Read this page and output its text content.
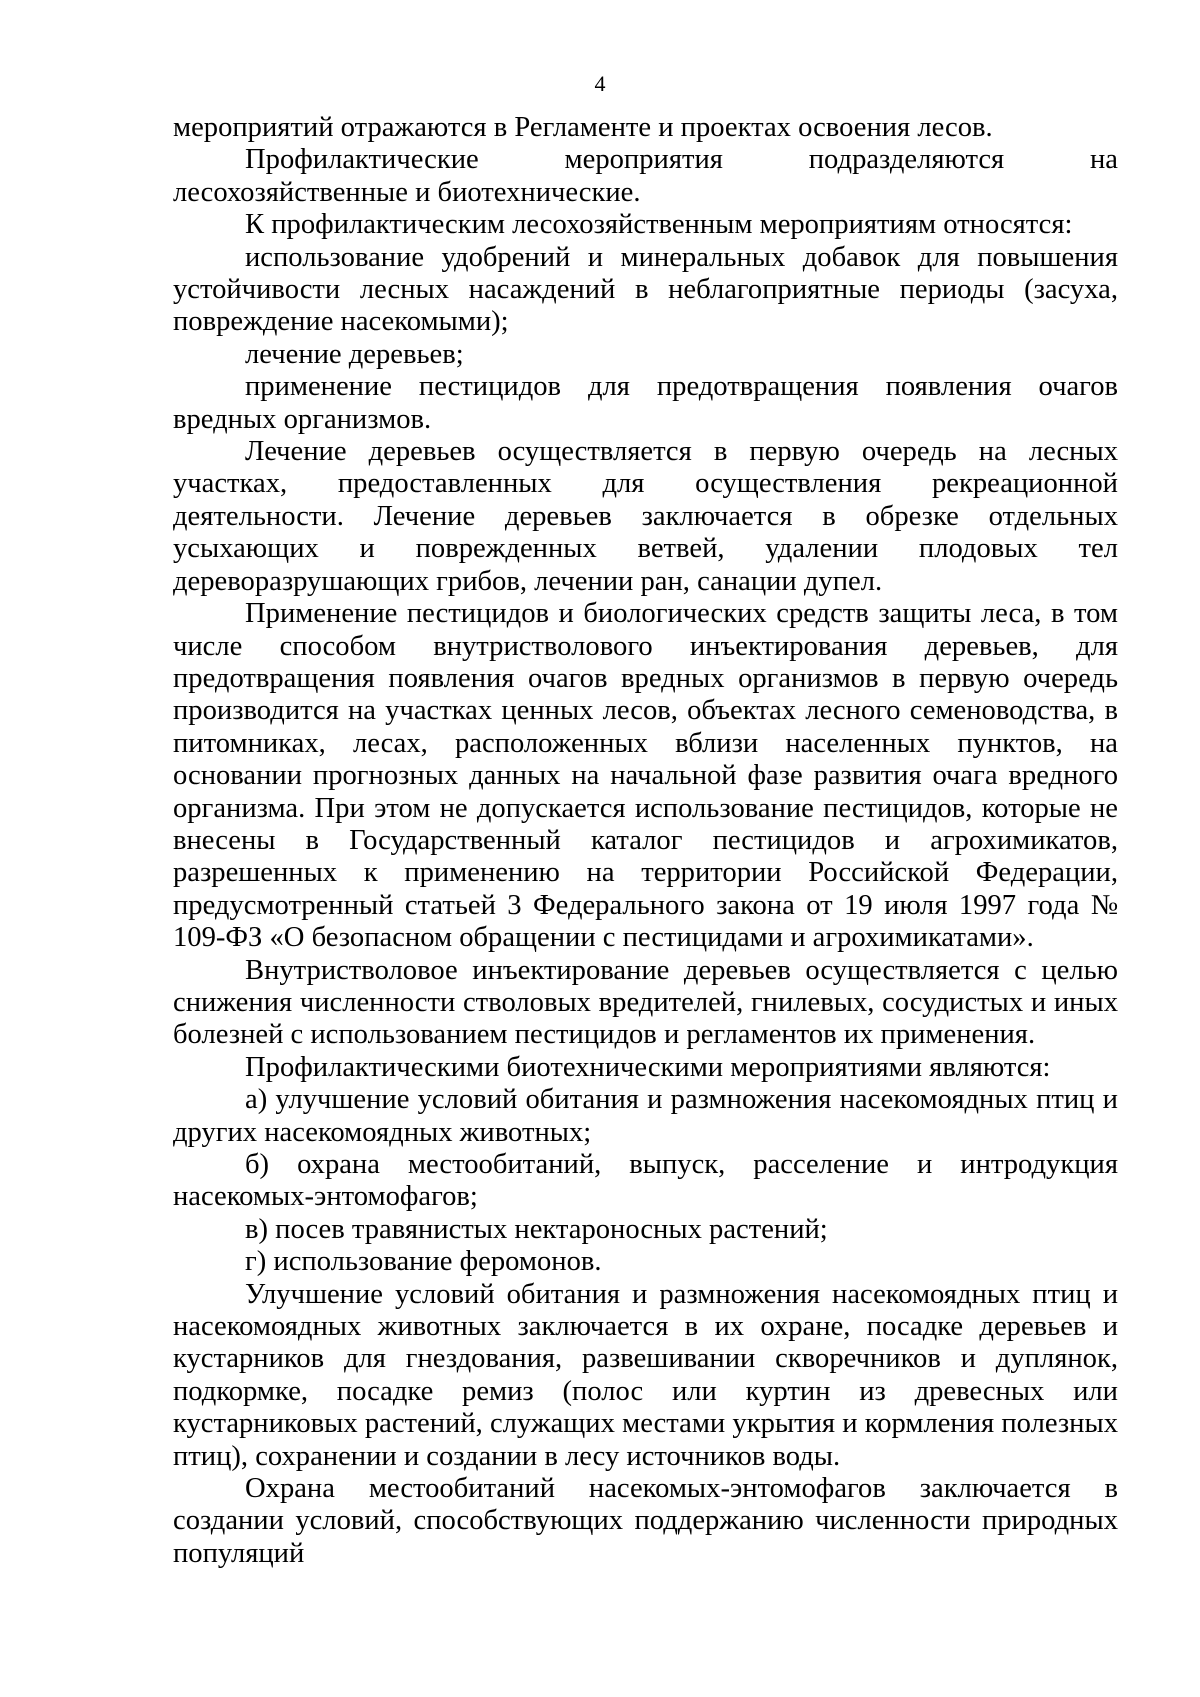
4

мероприятий отражаются в Регламенте и проектах освоения лесов.

Профилактические мероприятия подразделяются на лесохозяйственные и биотехнические.

К профилактическим лесохозяйственным мероприятиям относятся:

использование удобрений и минеральных добавок для повышения устойчивости лесных насаждений в неблагоприятные периоды (засуха, повреждение насекомыми);

лечение деревьев;

применение пестицидов для предотвращения появления очагов вредных организмов.

Лечение деревьев осуществляется в первую очередь на лесных участках, предоставленных для осуществления рекреационной деятельности. Лечение деревьев заключается в обрезке отдельных усыхающих и поврежденных ветвей, удалении плодовых тел дереворазрушающих грибов, лечении ран, санации дупел.

Применение пестицидов и биологических средств защиты леса, в том числе способом внутристволового инъектирования деревьев, для предотвращения появления очагов вредных организмов в первую очередь производится на участках ценных лесов, объектах лесного семеноводства, в питомниках, лесах, расположенных вблизи населенных пунктов, на основании прогнозных данных на начальной фазе развития очага вредного организма. При этом не допускается использование пестицидов, которые не внесены в Государственный каталог пестицидов и агрохимикатов, разрешенных к применению на территории Российской Федерации, предусмотренный статьей 3 Федерального закона от 19 июля 1997 года № 109-ФЗ «О безопасном обращении с пестицидами и агрохимикатами».

Внутристволовое инъектирование деревьев осуществляется с целью снижения численности стволовых вредителей, гнилевых, сосудистых и иных болезней с использованием пестицидов и регламентов их применения.

Профилактическими биотехническими мероприятиями являются:

а) улучшение условий обитания и размножения насекомоядных птиц и других насекомоядных животных;

б) охрана местообитаний, выпуск, расселение и интродукция насекомых-энтомофагов;

в) посев травянистых нектароносных растений;

г) использование феромонов.

Улучшение условий обитания и размножения насекомоядных птиц и насекомоядных животных заключается в их охране, посадке деревьев и кустарников для гнездования, развешивании скворечников и дуплянок, подкормке, посадке ремиз (полос или куртин из древесных или кустарниковых растений, служащих местами укрытия и кормления полезных птиц), сохранении и создании в лесу источников воды.

Охрана местообитаний насекомых-энтомофагов заключается в создании условий, способствующих поддержанию численности природных популяций
